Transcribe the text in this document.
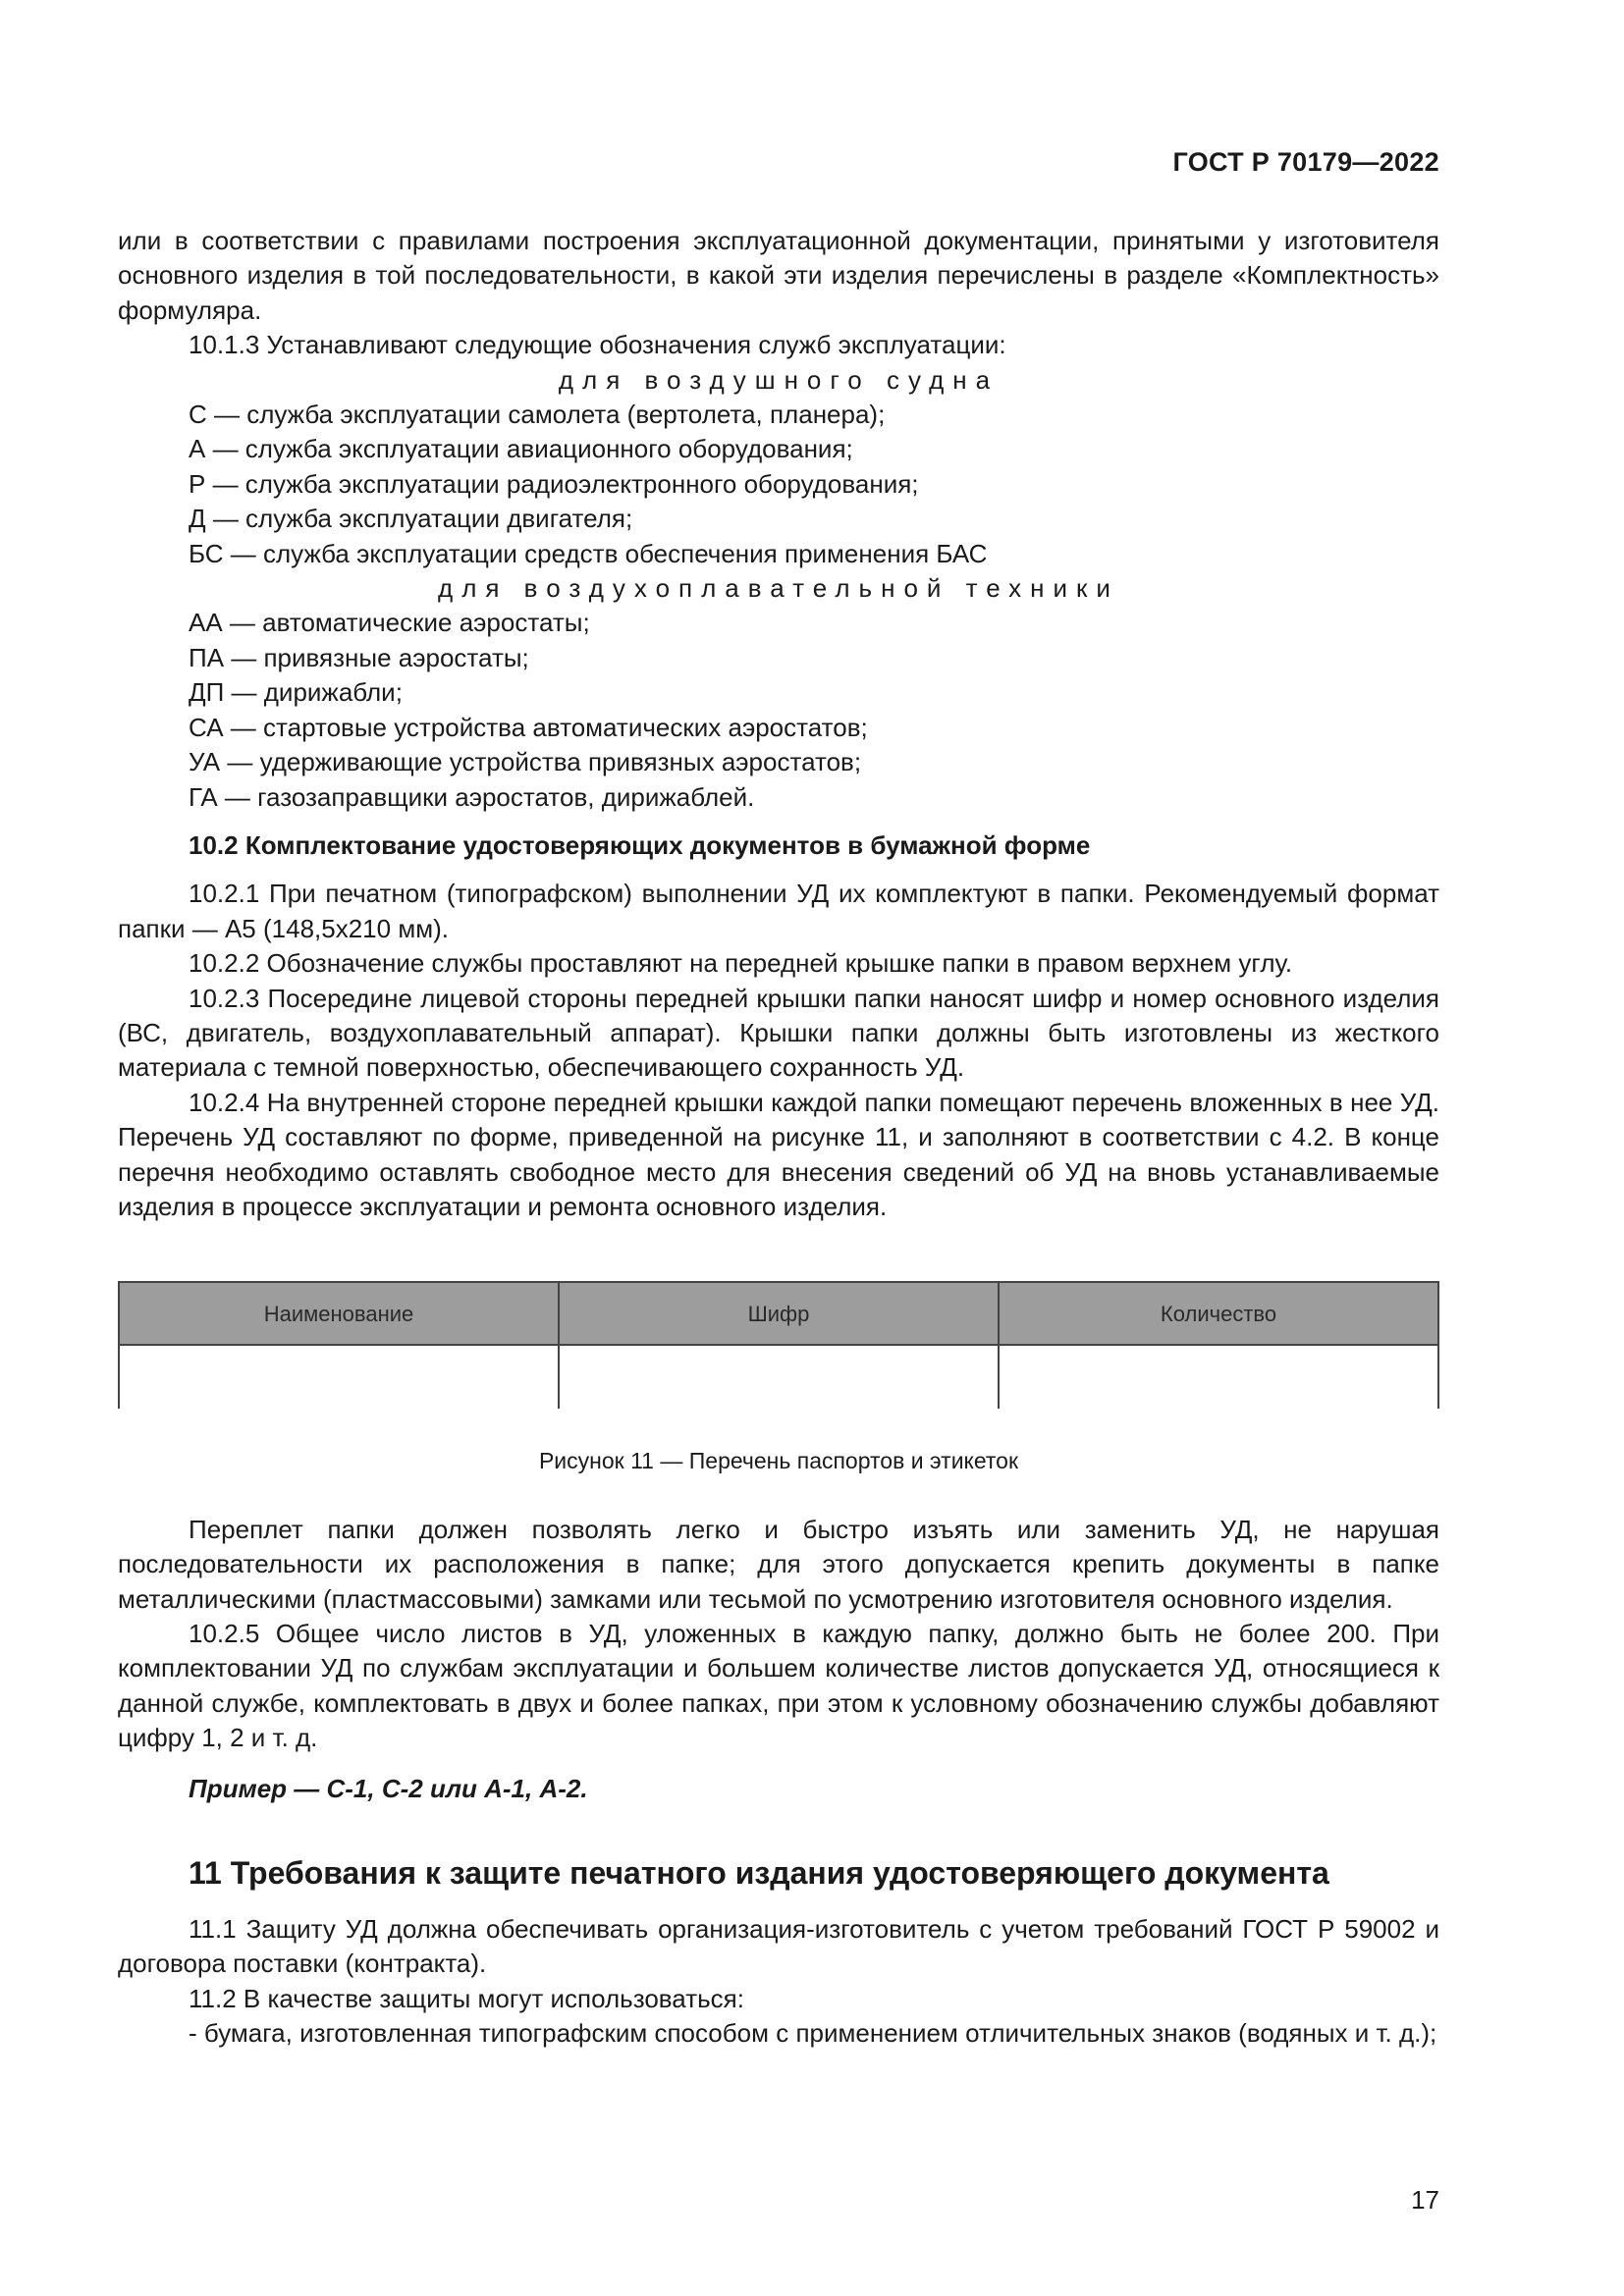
ГОСТ Р 70179—2022

или в соответствии с правилами построения эксплуатационной документации, принятыми у изготовителя основного изделия в той последовательности, в какой эти изделия перечислены в разделе «Комплектность» формуляра.

10.1.3 Устанавливают следующие обозначения служб эксплуатации:

для воздушного судна

С — служба эксплуатации самолета (вертолета, планера);

А — служба эксплуатации авиационного оборудования;

Р — служба эксплуатации радиоэлектронного оборудования;

Д — служба эксплуатации двигателя;

БС — служба эксплуатации средств обеспечения применения БАС

для воздухоплавательной техники

АА — автоматические аэростаты;

ПА — привязные аэростаты;

ДП — дирижабли;

СА — стартовые устройства автоматических аэростатов;

УА — удерживающие устройства привязных аэростатов;

ГА — газозаправщики аэростатов, дирижаблей.

10.2 Комплектование удостоверяющих документов в бумажной форме

10.2.1 При печатном (типографском) выполнении УД их комплектуют в папки. Рекомендуемый формат папки — А5 (148,5x210 мм).

10.2.2 Обозначение службы проставляют на передней крышке папки в правом верхнем углу.

10.2.3 Посередине лицевой стороны передней крышки папки наносят шифр и номер основного изделия (ВС, двигатель, воздухоплавательный аппарат). Крышки папки должны быть изготовлены из жесткого материала с темной поверхностью, обеспечивающего сохранность УД.

10.2.4 На внутренней стороне передней крышки каждой папки помещают перечень вложенных в нее УД. Перечень УД составляют по форме, приведенной на рисунке 11, и заполняют в соответствии с 4.2. В конце перечня необходимо оставлять свободное место для внесения сведений об УД на вновь устанавливаемые изделия в процессе эксплуатации и ремонта основного изделия.

Наименование	Шифр	Количество

Рисунок 11 — Перечень паспортов и этикеток

Переплет папки должен позволять легко и быстро изъять или заменить УД, не нарушая последовательности их расположения в папке; для этого допускается крепить документы в папке металлическими (пластмассовыми) замками или тесьмой по усмотрению изготовителя основного изделия.

10.2.5 Общее число листов в УД, уложенных в каждую папку, должно быть не более 200. При комплектовании УД по службам эксплуатации и большем количестве листов допускается УД, относящиеся к данной службе, комплектовать в двух и более папках, при этом к условному обозначению службы добавляют цифру 1, 2 и т. д.

Пример — С-1, С-2 или А-1, А-2.

11 Требования к защите печатного издания удостоверяющего документа

11.1 Защиту УД должна обеспечивать организация-изготовитель с учетом требований ГОСТ Р 59002 и договора поставки (контракта).

11.2 В качестве защиты могут использоваться:

- бумага, изготовленная типографским способом с применением отличительных знаков (водяных и т. д.);

17
